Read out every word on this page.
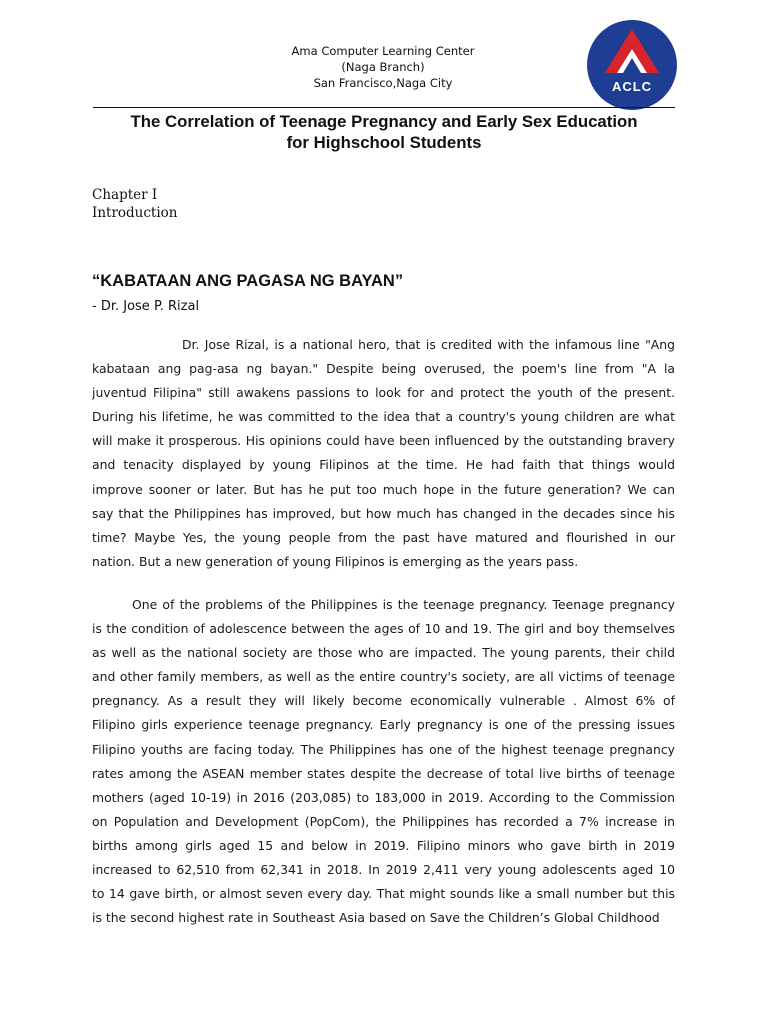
Ama Computer Learning Center
(Naga Branch)
San Francisco,Naga City	ACLC
The Correlation of Teenage Pregnancy and Early Sex Education
for Highschool Students
Chapter I
Introduction
“KABATAAN ANG PAGASA NG BAYAN”
- Dr. Jose P. Rizal
Dr. Jose Rizal, is a national hero, that is credited with the infamous line "Ang
kabataan ang pag-asa ng bayan." Despite being overused, the poem's line from "A la
juventud Filipina" still awakens passions to look for and protect the youth of the present.
During his lifetime, he was committed to the idea that a country's young children are what
will make it prosperous. His opinions could have been influenced by the outstanding bravery
and tenacity displayed by young Filipinos at the time. He had faith that things would
improve sooner or later. But has he put too much hope in the future generation? We can
say that the Philippines has improved, but how much has changed in the decades since his
time? Maybe Yes, the young people from the past have matured and flourished in our
nation. But a new generation of young Filipinos is emerging as the years pass.
One of the problems of the Philippines is the teenage pregnancy. Teenage pregnancy
is the condition of adolescence between the ages of 10 and 19. The girl and boy themselves
as well as the national society are those who are impacted. The young parents, their child
and other family members, as well as the entire country's society, are all victims of teenage
pregnancy. As a result they will likely become economically vulnerable . Almost 6% of
Filipino girls experience teenage pregnancy. Early pregnancy is one of the pressing issues
Filipino youths are facing today. The Philippines has one of the highest teenage pregnancy
rates among the ASEAN member states despite the decrease of total live births of teenage
mothers (aged 10-19) in 2016 (203,085) to 183,000 in 2019. According to the Commission
on Population and Development (PopCom), the Philippines has recorded a 7% increase in
births among girls aged 15 and below in 2019. Filipino minors who gave birth in 2019
increased to 62,510 from 62,341 in 2018. In 2019 2,411 very young adolescents aged 10
to 14 gave birth, or almost seven every day. That might sounds like a small number but this
is the second highest rate in Southeast Asia based on Save the Children’s Global Childhood
